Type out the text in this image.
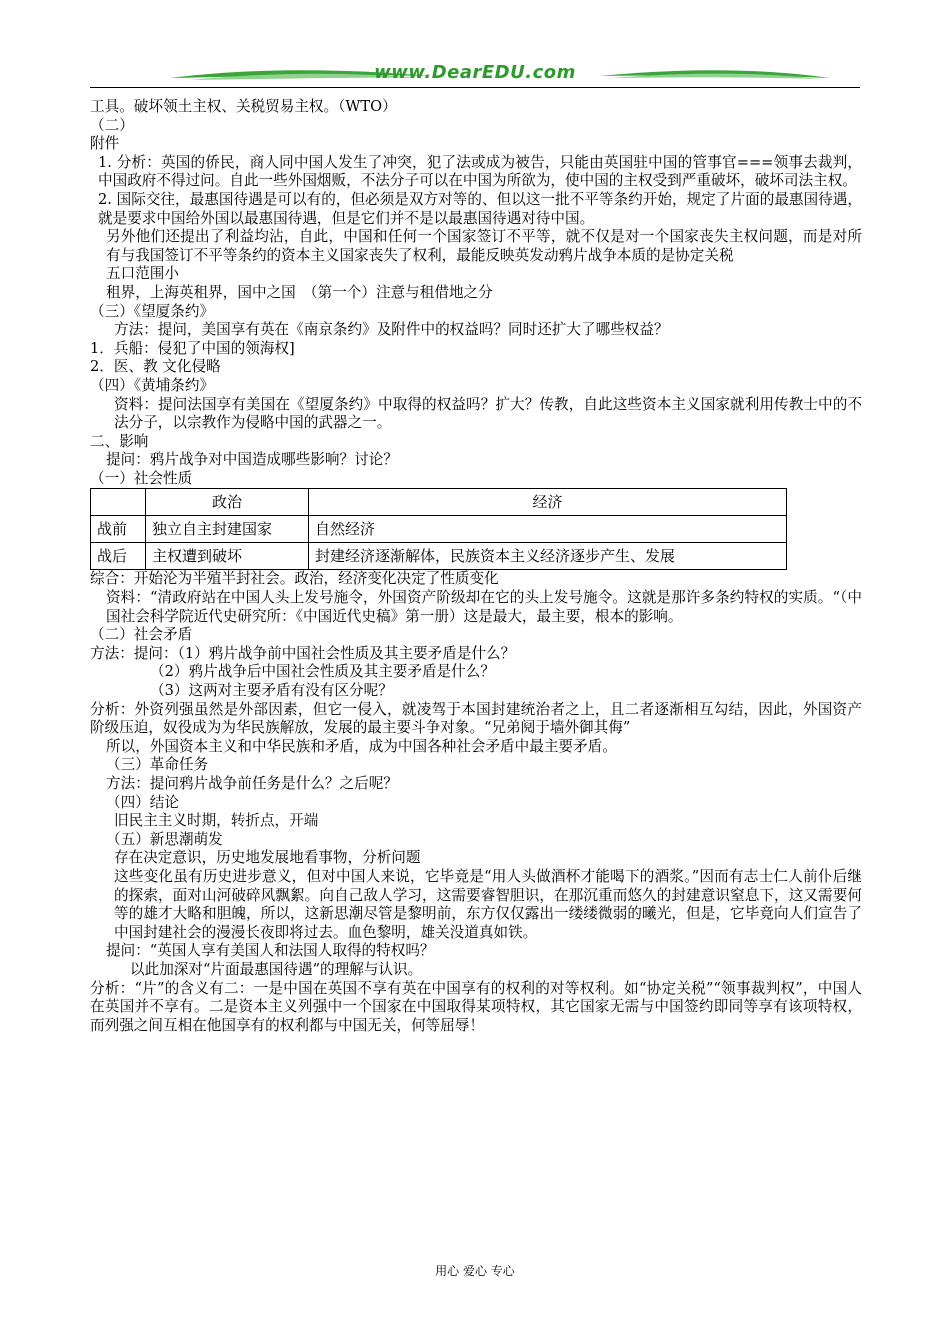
www.DearEDU.com

工具。破坏领土主权、关税贸易主权。（WTO）

（二）

附件

1. 分析：英国的侨民，商人同中国人发生了冲突，犯了法或成为被告，只能由英国驻中国的管事官===领事去裁判，中国政府不得过问。自此一些外国烟贩，不法分子可以在中国为所欲为，使中国的主权受到严重破坏，破坏司法主权。

2. 国际交往，最惠国待遇是可以有的，但必须是双方对等的、但以这一批不平等条约开始，规定了片面的最惠国待遇，就是要求中国给外国以最惠国待遇，但是它们并不是以最惠国待遇对待中国。

另外他们还提出了利益均沾，自此，中国和任何一个国家签订不平等，就不仅是对一个国家丧失主权问题，而是对所有与我国签订不平等条约的资本主义国家丧失了权利，最能反映英发动鸦片战争本质的是协定关税

五口范围小

租界，上海英租界，国中之国　（第一个）注意与租借地之分

（三）《望厦条约》

方法：提问，美国享有英在《南京条约》及附件中的权益吗？同时还扩大了哪些权益？

1．兵船：侵犯了中国的领海权]

2．医、教 文化侵略

（四）《黄埔条约》

资料：提问法国享有美国在《望厦条约》中取得的权益吗？扩大？传教，自此这些资本主义国家就利用传教士中的不法分子，以宗教作为侵略中国的武器之一。

二、影响

提问：鸦片战争对中国造成哪些影响？讨论？

（一）社会性质

	政治	经济
战前	独立自主封建国家	自然经济
战后	主权遭到破坏	封建经济逐渐解体，民族资本主义经济逐步产生、发展

综合：开始沦为半殖半封社会。政治，经济变化决定了性质变化

资料：“清政府站在中国人头上发号施令，外国资产阶级却在它的头上发号施令。这就是那许多条约特权的实质。“（中国社会科学院近代史研究所：《中国近代史稿》第一册）这是最大，最主要，根本的影响。

（二）社会矛盾

方法：提问：（1）鸦片战争前中国社会性质及其主要矛盾是什么？

（2）鸦片战争后中国社会性质及其主要矛盾是什么？

（3）这两对主要矛盾有没有区分呢？

分析：外资列强虽然是外部因素，但它一侵入，就凌驾于本国封建统治者之上，且二者逐渐相互勾结，因此，外国资产阶级压迫，奴役成为为华民族解放，发展的最主要斗争对象。“兄弟阋于墙外御其侮”

所以，外国资本主义和中华民族和矛盾，成为中国各种社会矛盾中最主要矛盾。

（三）革命任务

方法：提问鸦片战争前任务是什么？之后呢？

（四）结论

旧民主主义时期，转折点，开端

（五）新思潮萌发

存在决定意识，历史地发展地看事物，分析问题

这些变化虽有历史进步意义，但对中国人来说，它毕竟是“用人头做酒杯才能喝下的酒浆。”因而有志士仁人前仆后继的探索，面对山河破碎风飘絮。向自己敌人学习，这需要睿智胆识，在那沉重而悠久的封建意识窒息下，这又需要何等的雄才大略和胆魄，所以，这新思潮尽管是黎明前，东方仅仅露出一缕缕微弱的曦光，但是，它毕竟向人们宣告了中国封建社会的漫漫长夜即将过去。血色黎明，雄关没道真如铁。

提问：“英国人享有美国人和法国人取得的特权吗？

以此加深对“片面最惠国待遇”的理解与认识。

分析：“片”的含义有二：一是中国在英国不享有英在中国享有的权利的对等权利。如“协定关税”“领事裁判权”，中国人在英国并不享有。二是资本主义列强中一个国家在中国取得某项特权，其它国家无需与中国签约即同等享有该项特权，而列强之间互相在他国享有的权利都与中国无关，何等屈辱！

用心 爱心 专心
